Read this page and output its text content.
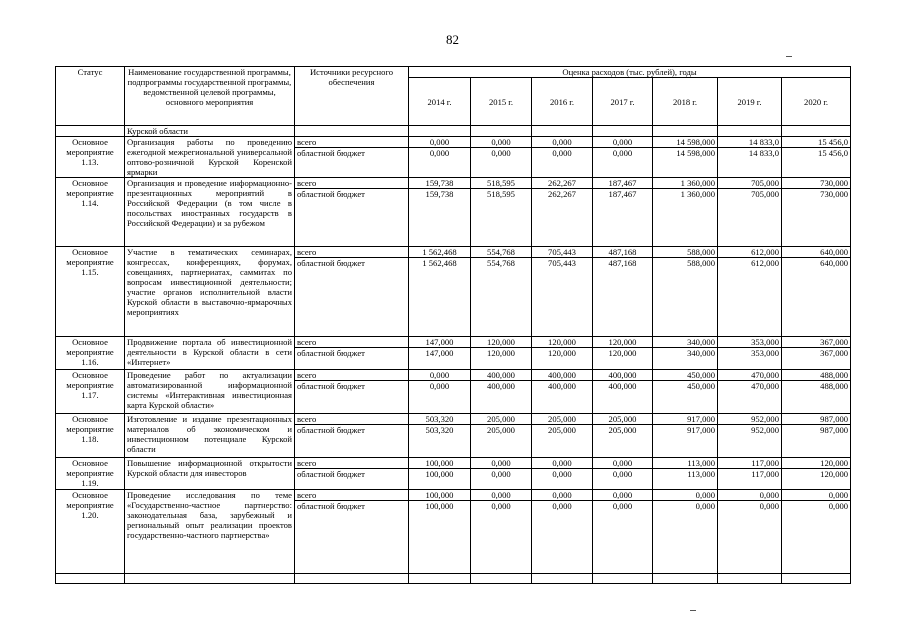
82
Статус	Наименование государственной программы, подпрограммы государственной программы, ведомственной целевой программы, основного мероприятия	Источники ресурсного обеспечения	Оценка расходов (тыс. рублей), годы						
			2014 г.	2015 г.	2016 г.	2017 г.	2018 г.	2019 г.	2020 г.
	Курской области								
Основное мероприятие 1.13.	Организация работы по проведению ежегодной межрегиональной универсальной оптово-розничной Курской Коренской ярмарки	всего	0,000	0,000	0,000	0,000	14 598,000	14 833,0	15 456,0
		областной бюджет	0,000	0,000	0,000	0,000	14 598,000	14 833,0	15 456,0
Основное мероприятие 1.14.	Организация и проведение информационно-презентационных мероприятий в Российской Федерации (в том числе в посольствах иностранных государств в Российской Федерации) и за рубежом	всего	159,738	518,595	262,267	187,467	1 360,000	705,000	730,000
		областной бюджет	159,738	518,595	262,267	187,467	1 360,000	705,000	730,000
Основное мероприятие 1.15.	Участие в тематических семинарах, конгрессах, конференциях, форумах, совещаниях, партнериатах, саммитах по вопросам инвестиционной деятельности; участие органов исполнительной власти Курской области в выставочно-ярмарочных мероприятиях	всего	1 562,468	554,768	705,443	487,168	588,000	612,000	640,000
		областной бюджет	1 562,468	554,768	705,443	487,168	588,000	612,000	640,000
Основное мероприятие 1.16.	Продвижение портала об инвестиционной деятельности в Курской области в сети «Интернет»	всего	147,000	120,000	120,000	120,000	340,000	353,000	367,000
		областной бюджет	147,000	120,000	120,000	120,000	340,000	353,000	367,000
Основное мероприятие 1.17.	Проведение работ по актуализации автоматизированной информационной системы «Интерактивная инвестиционная карта Курской области»	всего	0,000	400,000	400,000	400,000	450,000	470,000	488,000
		областной бюджет	0,000	400,000	400,000	400,000	450,000	470,000	488,000
Основное мероприятие 1.18.	Изготовление и издание презентационных материалов об экономическом и инвестиционном потенциале Курской области	всего	503,320	205,000	205,000	205,000	917,000	952,000	987,000
		областной бюджет	503,320	205,000	205,000	205,000	917,000	952,000	987,000
Основное мероприятие 1.19.	Повышение информационной открытости Курской области для инвесторов	всего	100,000	0,000	0,000	0,000	113,000	117,000	120,000
		областной бюджет	100,000	0,000	0,000	0,000	113,000	117,000	120,000
Основное мероприятие 1.20.	Проведение исследования по теме «Государственно-частное партнерство: законодательная база, зарубежный и региональный опыт реализации проектов государственно-частного партнерства»	всего	100,000	0,000	0,000	0,000	0,000	0,000	0,000
		областной бюджет	100,000	0,000	0,000	0,000	0,000	0,000	0,000
